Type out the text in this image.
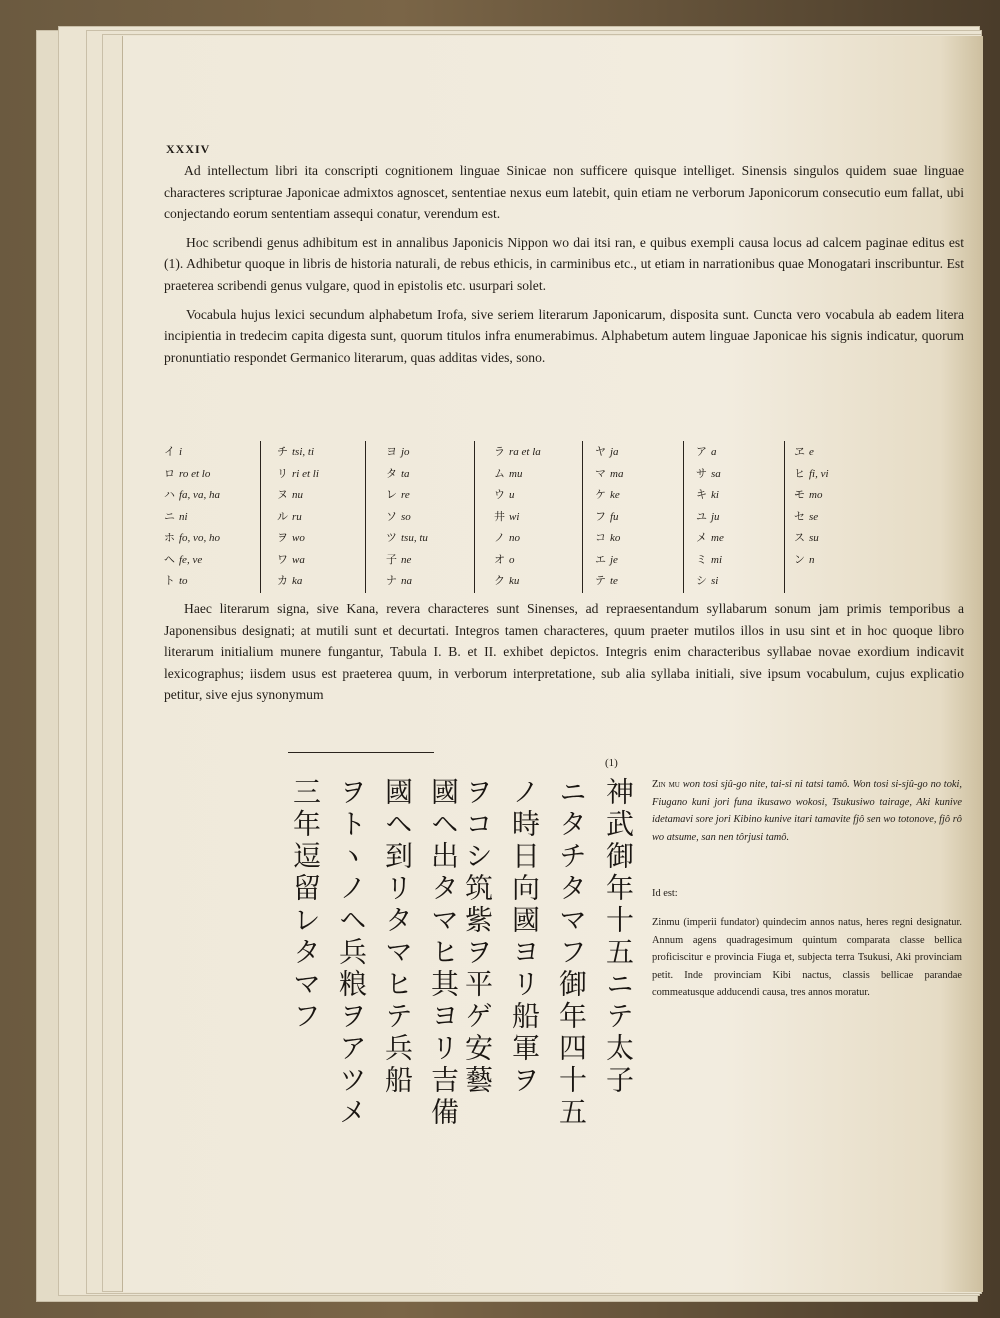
XXXIV

Ad intellectum libri ita conscripti cognitionem linguae Sinicae non sufficere quisque intelliget. Sinensis singulos quidem suae linguae characteres scripturae Japonicae admixtos agnoscet, sententiae nexus eum latebit, quin etiam ne verborum Japonicorum consecutio eum fallat, ubi conjectando eorum sententiam assequi conatur, verendum est.

Hoc scribendi genus adhibitum est in annalibus Japonicis Nippon wo dai itsi ran, e quibus exempli causa locus ad calcem paginae editus est (1). Adhibetur quoque in libris de historia naturali, de rebus ethicis, in carminibus etc., ut etiam in narrationibus quae Monogatari inscribuntur. Est praeterea scribendi genus vulgare, quod in epistolis etc. usurpari solet.

Vocabula hujus lexici secundum alphabetum Irofa, sive seriem literarum Japonicarum, disposita sunt. Cuncta vero vocabula ab eadem litera incipientia in tredecim capita digesta sunt, quorum titulos infra enumerabimus. Alphabetum autem linguae Japonicae his signis indicatur, quorum pronuntiatio respondet Germanico literarum, quas additas vides, sono.

イ i
ロ ro et lo
ハ fa, va, ha
ニ ni
ホ fo, vo, ho
ヘ fe, ve
ト to
チ tsi, ti
リ ri et li
ヌ nu
ル ru
ヲ wo
ワ wa
カ ka
ヨ jo
タ ta
レ re
ソ so
ツ tsu, tu
子 ne
ナ na
ラ ra et la
ム mu
ウ u
井 wi
ノ no
オ o
ク ku
ヤ ja
マ ma
ケ ke
フ fu
コ ko
エ je
テ te
ア a
サ sa
キ ki
ユ ju
メ me
ミ mi
シ si
ヱ e
ヒ fi, vi
モ mo
セ se
ス su
ン n

Haec literarum signa, sive Kana, revera characteres sunt Sinenses, ad repraesentandum syllabarum sonum jam primis temporibus a Japonensibus designati; at mutili sunt et decurtati. Integros tamen characteres, quum praeter mutilos illos in usu sint et in hoc quoque libro literarum initialium munere fungantur, Tabula I. B. et II. exhibet depictos. Integris enim characteribus syllabae novae exordium indicavit lexicographus; iisdem usus est praeterea quum, in verborum interpretatione, sub alia syllaba initiali, sive ipsum vocabulum, cujus explicatio petitur, sive ejus synonymum

(1)
神武御年十五ニテ太子
ニタチタマフ御年四十五
ノ時日向國ヨリ船軍ヲ
ヲコシ筑紫ヲ平ゲ安藝
國ヘ出タマヒ其ヨリ吉備
國ヘ到リタマヒテ兵船
ヲトヽノヘ兵粮ヲアツメ
三年逗留レタマフ	Zin mu won tosi sjû-go nite, tai-si ni tatsi tamô. Won tosi si-sjû-go no toki, Fiugano kuni jori funa ikusawo wokosi, Tsukusiwo tairage, Aki kunive idetamavi sore jori Kibino kunive itari tamavite fjô sen wo totonove, fjô rô wo atsume, san nen tôrjusi tamô.
Id est:
Zinmu (imperii fundator) quindecim annos natus, heres regni designatur. Annum agens quadragesimum quintum comparata classe bellica proficiscitur e provincia Fiuga et, subjecta terra Tsukusi, Aki provinciam petit. Inde provinciam Kibi nactus, classis bellicae parandae commeatusque adducendi causa, tres annos moratur.
